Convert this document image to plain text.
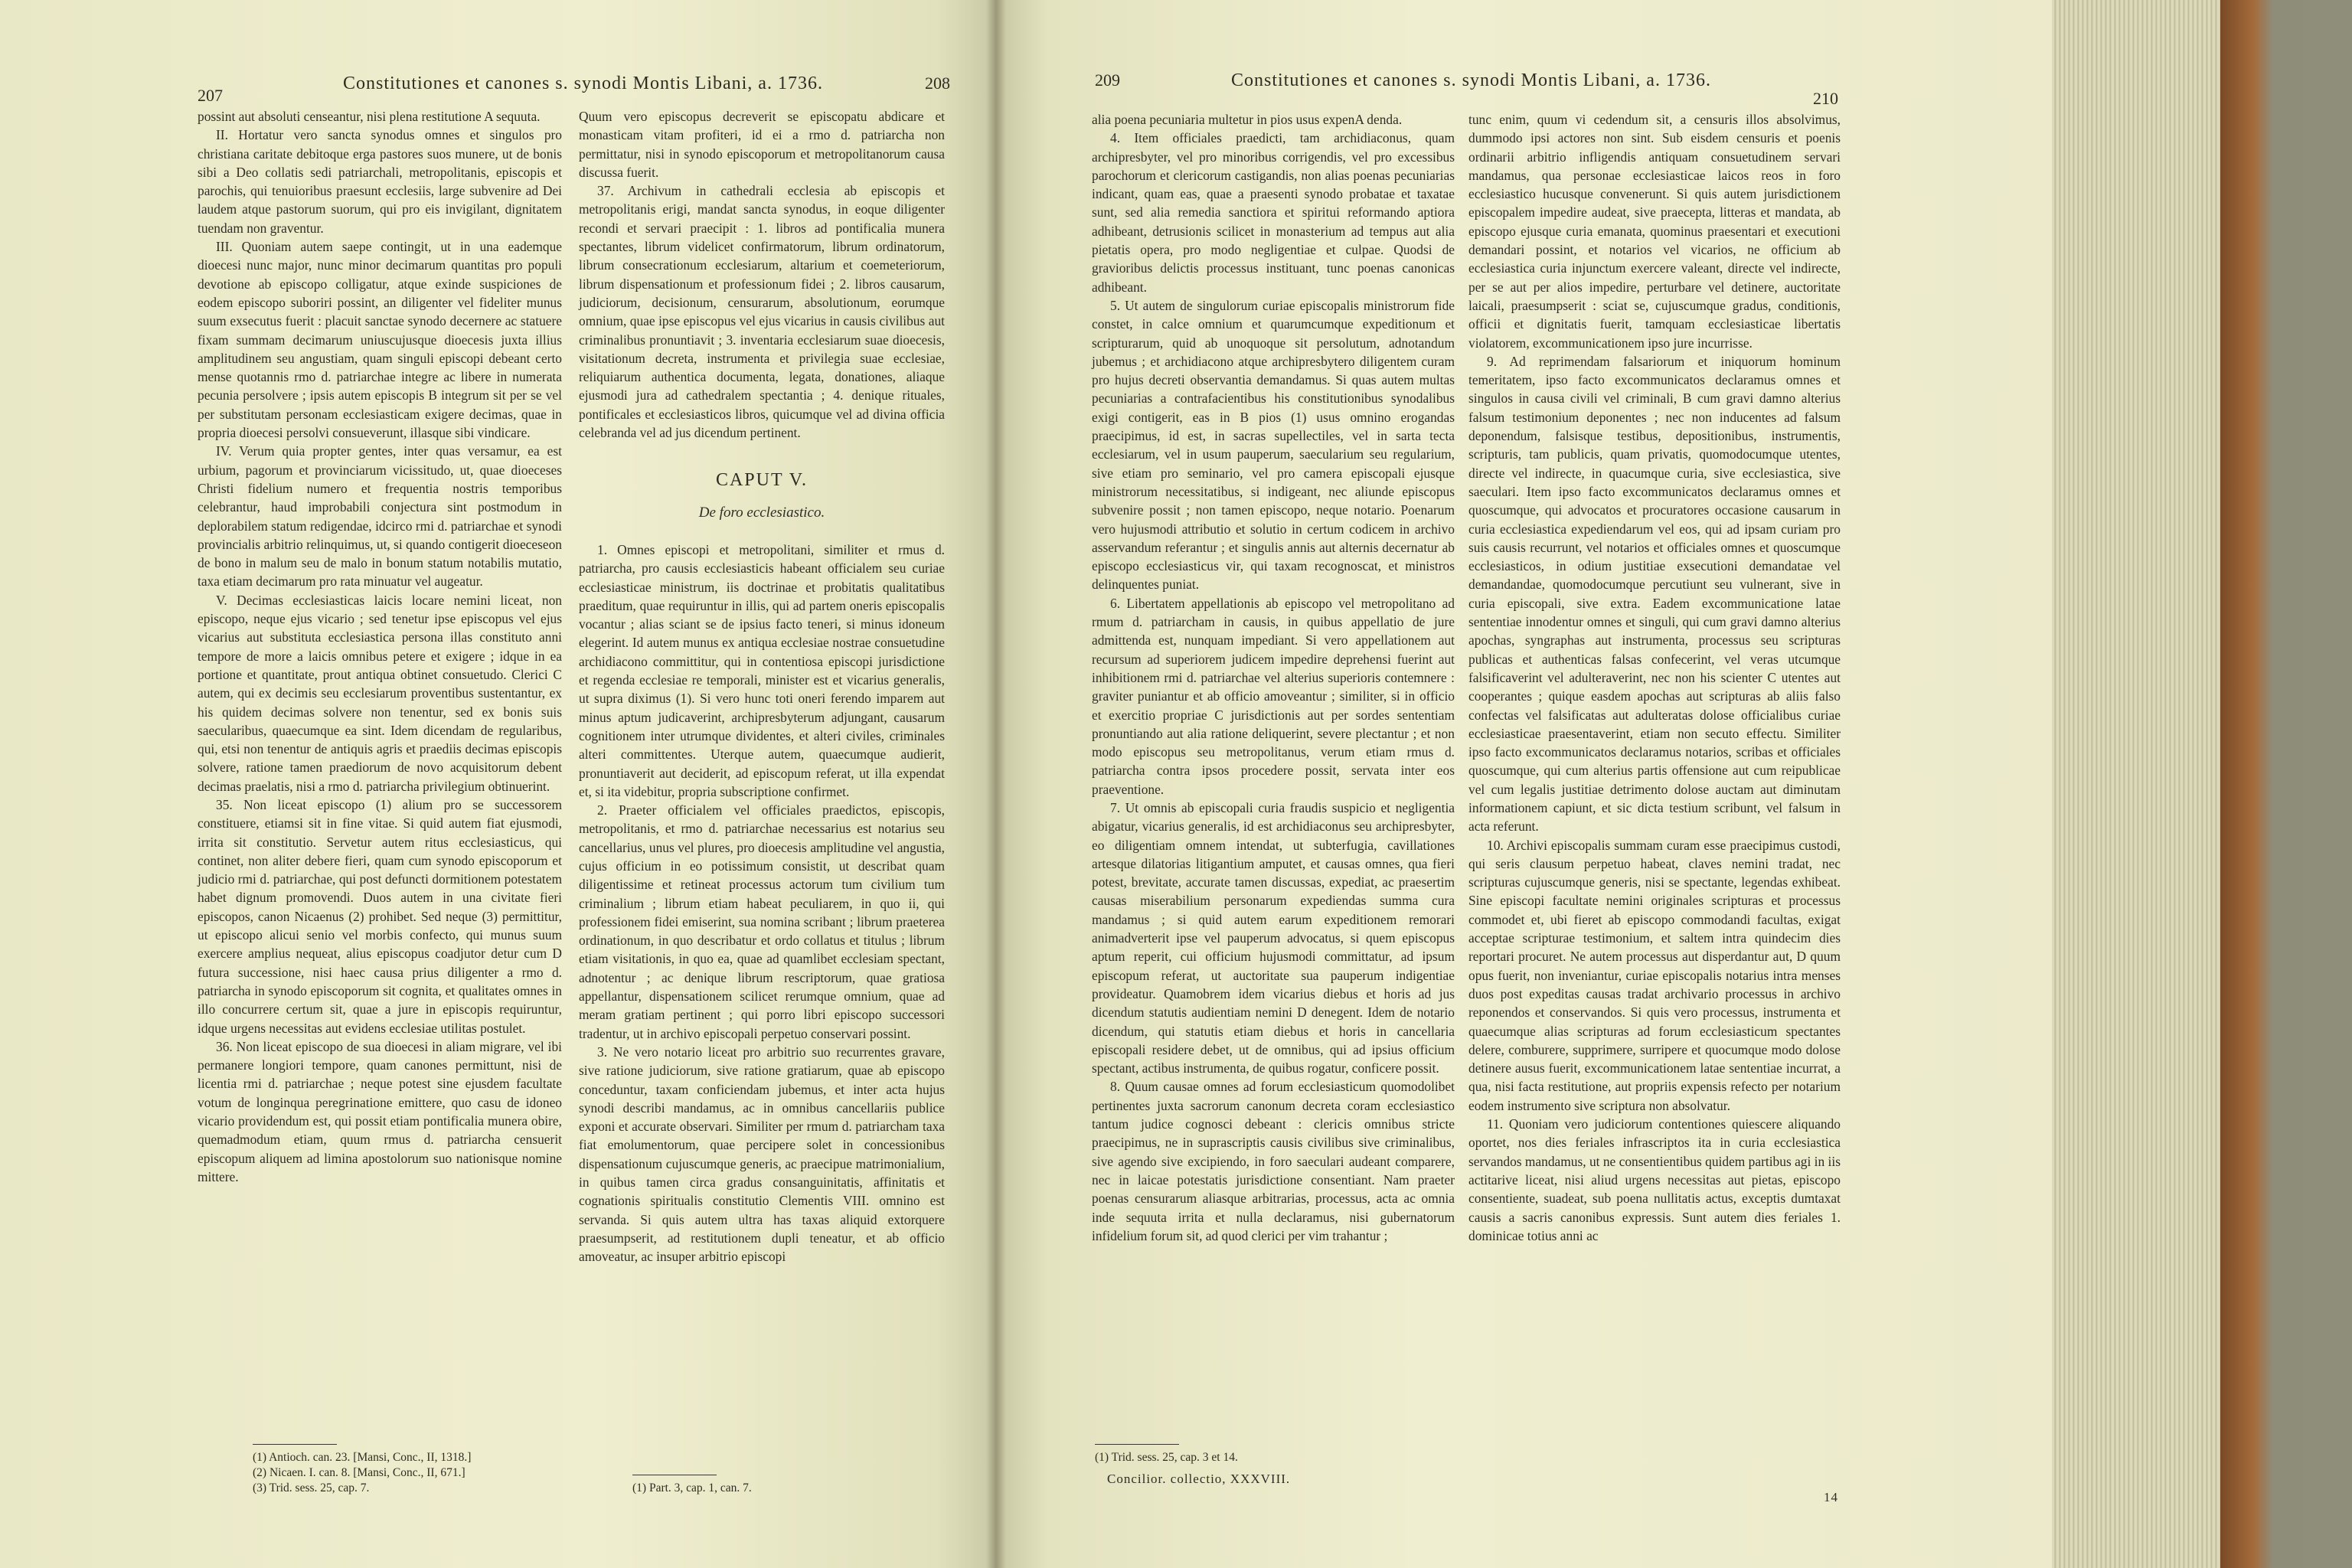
207
Constitutiones et canones s. synodi Montis Libani, a. 1736.	208

possint aut absoluti censeantur, nisi plena restitutione A sequuta.

II. Hortatur vero sancta synodus omnes et singulos pro christiana caritate debitoque erga pastores suos munere, ut de bonis sibi a Deo collatis sedi patriarchali, metropolitanis, episcopis et parochis, qui tenuioribus praesunt ecclesiis, large subvenire ad Dei laudem atque pastorum suorum, qui pro eis invigilant, dignitatem tuendam non graventur.

III. Quoniam autem saepe contingit, ut in una eademque dioecesi nunc major, nunc minor decimarum quantitas pro populi devotione ab episcopo colligatur, atque exinde suspiciones de eodem episcopo suboriri possint, an diligenter vel fideliter munus suum exsecutus fuerit : placuit sanctae synodo decernere ac statuere fixam summam decimarum uniuscujusque dioecesis juxta illius amplitudinem seu angustiam, quam singuli episcopi debeant certo mense quotannis rmo d. patriarchae integre ac libere in numerata pecunia persolvere ; ipsis autem episcopis B integrum sit per se vel per substitutam personam ecclesiasticam exigere decimas, quae in propria dioecesi persolvi consueverunt, illasque sibi vindicare.

IV. Verum quia propter gentes, inter quas versamur, ea est urbium, pagorum et provinciarum vicissitudo, ut, quae dioeceses Christi fidelium numero et frequentia nostris temporibus celebrantur, haud improbabili conjectura sint postmodum in deplorabilem statum redigendae, idcirco rmi d. patriarchae et synodi provincialis arbitrio relinquimus, ut, si quando contigerit dioeceseon de bono in malum seu de malo in bonum statum notabilis mutatio, taxa etiam decimarum pro rata minuatur vel augeatur.

V. Decimas ecclesiasticas laicis locare nemini liceat, non episcopo, neque ejus vicario ; sed tenetur ipse episcopus vel ejus vicarius aut substituta ecclesiastica persona illas constituto anni tempore de more a laicis omnibus petere et exigere ; idque in ea portione et quantitate, prout antiqua obtinet consuetudo. Clerici C autem, qui ex decimis seu ecclesiarum proventibus sustentantur, ex his quidem decimas solvere non tenentur, sed ex bonis suis saecularibus, quaecumque ea sint. Idem dicendam de regularibus, qui, etsi non tenentur de antiquis agris et praediis decimas episcopis solvere, ratione tamen praediorum de novo acquisitorum debent decimas praelatis, nisi a rmo d. patriarcha privilegium obtinuerint.

35. Non liceat episcopo (1) alium pro se successorem constituere, etiamsi sit in fine vitae. Si quid autem fiat ejusmodi, irrita sit constitutio. Servetur autem ritus ecclesiasticus, qui continet, non aliter debere fieri, quam cum synodo episcoporum et judicio rmi d. patriarchae, qui post defuncti dormitionem potestatem habet dignum promovendi. Duos autem in una civitate fieri episcopos, canon Nicaenus (2) prohibet. Sed neque (3) permittitur, ut episcopo alicui senio vel morbis confecto, qui munus suum exercere amplius nequeat, alius episcopus coadjutor detur cum D futura successione, nisi haec causa prius diligenter a rmo d. patriarcha in synodo episcoporum sit cognita, et qualitates omnes in illo concurrere certum sit, quae a jure in episcopis requiruntur, idque urgens necessitas aut evidens ecclesiae utilitas postulet.

36. Non liceat episcopo de sua dioecesi in aliam migrare, vel ibi permanere longiori tempore, quam canones permittunt, nisi de licentia rmi d. patriarchae ; neque potest sine ejusdem facultate votum de longinqua peregrinatione emittere, quo casu de idoneo vicario providendum est, qui possit etiam pontificalia munera obire, quemadmodum etiam, quum rmus d. patriarcha censuerit episcopum aliquem ad limina apostolorum suo nationisque nomine mittere.

Quum vero episcopus decreverit se episcopatu abdicare et monasticam vitam profiteri, id ei a rmo d. patriarcha non permittatur, nisi in synodo episcoporum et metropolitanorum causa discussa fuerit.

37. Archivum in cathedrali ecclesia ab episcopis et metropolitanis erigi, mandat sancta synodus, in eoque diligenter recondi et servari praecipit : 1. libros ad pontificalia munera spectantes, librum videlicet confirmatorum, librum ordinatorum, librum consecrationum ecclesiarum, altarium et coemeteriorum, librum dispensationum et professionum fidei ; 2. libros causarum, judiciorum, decisionum, censurarum, absolutionum, eorumque omnium, quae ipse episcopus vel ejus vicarius in causis civilibus aut criminalibus pronuntiavit ; 3. inventaria ecclesiarum suae dioecesis, visitationum decreta, instrumenta et privilegia suae ecclesiae, reliquiarum authentica documenta, legata, donationes, aliaque ejusmodi jura ad cathedralem spectantia ; 4. denique rituales, pontificales et ecclesiasticos libros, quicumque vel ad divina officia celebranda vel ad jus dicendum pertinent.

CAPUT V.
De foro ecclesiastico.

1. Omnes episcopi et metropolitani, similiter et rmus d. patriarcha, pro causis ecclesiasticis habeant officialem seu curiae ecclesiasticae ministrum, iis doctrinae et probitatis qualitatibus praeditum, quae requiruntur in illis, qui ad partem oneris episcopalis vocantur ; alias sciant se de ipsius facto teneri, si minus idoneum elegerint. Id autem munus ex antiqua ecclesiae nostrae consuetudine archidiacono committitur, qui in contentiosa episcopi jurisdictione et regenda ecclesiae re temporali, minister est et vicarius generalis, ut supra diximus (1). Si vero hunc toti oneri ferendo imparem aut minus aptum judicaverint, archipresbyterum adjungant, causarum cognitionem inter utrumque dividentes, et alteri civiles, criminales alteri committentes. Uterque autem, quaecumque audierit, pronuntiaverit aut deciderit, ad episcopum referat, ut illa expendat et, si ita videbitur, propria subscriptione confirmet.

2. Praeter officialem vel officiales praedictos, episcopis, metropolitanis, et rmo d. patriarchae necessarius est notarius seu cancellarius, unus vel plures, pro dioecesis amplitudine vel angustia, cujus officium in eo potissimum consistit, ut describat quam diligentissime et retineat processus actorum tum civilium tum criminalium ; librum etiam habeat peculiarem, in quo ii, qui professionem fidei emiserint, sua nomina scribant ; librum praeterea ordinationum, in quo describatur et ordo collatus et titulus ; librum etiam visitationis, in quo ea, quae ad quamlibet ecclesiam spectant, adnotentur ; ac denique librum rescriptorum, quae gratiosa appellantur, dispensationem scilicet rerumque omnium, quae ad meram gratiam pertinent ; qui porro libri episcopo successori tradentur, ut in archivo episcopali perpetuo conservari possint.

3. Ne vero notario liceat pro arbitrio suo recurrentes gravare, sive ratione judiciorum, sive ratione gratiarum, quae ab episcopo conceduntur, taxam conficiendam jubemus, et inter acta hujus synodi describi mandamus, ac in omnibus cancellariis publice exponi et accurate observari. Similiter per rmum d. patriarcham taxa fiat emolumentorum, quae percipere solet in concessionibus dispensationum cujuscumque generis, ac praecipue matrimonialium, in quibus tamen circa gradus consanguinitatis, affinitatis et cognationis spiritualis constitutio Clementis VIII. omnino est servanda. Si quis autem ultra has taxas aliquid extorquere praesumpserit, ad restitutionem dupli teneatur, et ab officio amoveatur, ac insuper arbitrio episcopi

(1) Antioch. can. 23. [Mansi, Conc., II, 1318.]
(2) Nicaen. I. can. 8. [Mansi, Conc., II, 671.]
(3) Trid. sess. 25, cap. 7.	(1) Part. 3, cap. 1, can. 7.
209	Constitutiones et canones s. synodi Montis Libani, a. 1736.
210

alia poena pecuniaria multetur in pios usus expenA denda.

4. Item officiales praedicti, tam archidiaconus, quam archipresbyter, vel pro minoribus corrigendis, vel pro excessibus parochorum et clericorum castigandis, non alias poenas pecuniarias indicant, quam eas, quae a praesenti synodo probatae et taxatae sunt, sed alia remedia sanctiora et spiritui reformando aptiora adhibeant, detrusionis scilicet in monasterium ad tempus aut alia pietatis opera, pro modo negligentiae et culpae. Quodsi de gravioribus delictis processus instituant, tunc poenas canonicas adhibeant.

5. Ut autem de singulorum curiae episcopalis ministrorum fide constet, in calce omnium et quarumcumque expeditionum et scripturarum, quid ab unoquoque sit persolutum, adnotandum jubemus ; et archidiacono atque archipresbytero diligentem curam pro hujus decreti observantia demandamus. Si quas autem multas pecuniarias a contrafacientibus his constitutionibus synodalibus exigi contigerit, eas in B pios (1) usus omnino erogandas praecipimus, id est, in sacras supellectiles, vel in sarta tecta ecclesiarum, vel in usum pauperum, saecularium seu regularium, sive etiam pro seminario, vel pro camera episcopali ejusque ministrorum necessitatibus, si indigeant, nec aliunde episcopus subvenire possit ; non tamen episcopo, neque notario. Poenarum vero hujusmodi attributio et solutio in certum codicem in archivo asservandum referantur ; et singulis annis aut alternis decernatur ab episcopo ecclesiasticus vir, qui taxam recognoscat, et ministros delinquentes puniat.

6. Libertatem appellationis ab episcopo vel metropolitano ad rmum d. patriarcham in causis, in quibus appellatio de jure admittenda est, nunquam impediant. Si vero appellationem aut recursum ad superiorem judicem impedire deprehensi fuerint aut inhibitionem rmi d. patriarchae vel alterius superioris contemnere : graviter puniantur et ab officio amoveantur ; similiter, si in officio et exercitio propriae C jurisdictionis aut per sordes sententiam pronuntiando aut alia ratione deliquerint, severe plectantur ; et non modo episcopus seu metropolitanus, verum etiam rmus d. patriarcha contra ipsos procedere possit, servata inter eos praeventione.

7. Ut omnis ab episcopali curia fraudis suspicio et negligentia abigatur, vicarius generalis, id est archidiaconus seu archipresbyter, eo diligentiam omnem intendat, ut subterfugia, cavillationes artesque dilatorias litigantium amputet, et causas omnes, qua fieri potest, brevitate, accurate tamen discussas, expediat, ac praesertim causas miserabilium personarum expediendas summa cura mandamus ; si quid autem earum expeditionem remorari animadverterit ipse vel pauperum advocatus, si quem episcopus aptum reperit, cui officium hujusmodi committatur, ad ipsum episcopum referat, ut auctoritate sua pauperum indigentiae provideatur. Quamobrem idem vicarius diebus et horis ad jus dicendum statutis audientiam nemini D denegent. Idem de notario dicendum, qui statutis etiam diebus et horis in cancellaria episcopali residere debet, ut de omnibus, qui ad ipsius officium spectant, actibus instrumenta, de quibus rogatur, conficere possit.

8. Quum causae omnes ad forum ecclesiasticum quomodolibet pertinentes juxta sacrorum canonum decreta coram ecclesiastico tantum judice cognosci debeant : clericis omnibus stricte praecipimus, ne in suprascriptis causis civilibus sive criminalibus, sive agendo sive excipiendo, in foro saeculari audeant comparere, nec in laicae potestatis jurisdictione consentiant. Nam praeter poenas censurarum aliasque arbitrarias, processus, acta ac omnia inde sequuta irrita et nulla declaramus, nisi gubernatorum infidelium forum sit, ad quod clerici per vim trahantur ;

tunc enim, quum vi cedendum sit, a censuris illos absolvimus, dummodo ipsi actores non sint. Sub eisdem censuris et poenis ordinarii arbitrio infligendis antiquam consuetudinem servari mandamus, qua personae ecclesiasticae laicos reos in foro ecclesiastico hucusque convenerunt. Si quis autem jurisdictionem episcopalem impedire audeat, sive praecepta, litteras et mandata, ab episcopo ejusque curia emanata, quominus praesentari et executioni demandari possint, et notarios vel vicarios, ne officium ab ecclesiastica curia injunctum exercere valeant, directe vel indirecte, per se aut per alios impedire, perturbare vel detinere, auctoritate laicali, praesumpserit : sciat se, cujuscumque gradus, conditionis, officii et dignitatis fuerit, tamquam ecclesiasticae libertatis violatorem, excommunicationem ipso jure incurrisse.

9. Ad reprimendam falsariorum et iniquorum hominum temeritatem, ipso facto excommunicatos declaramus omnes et singulos in causa civili vel criminali, B cum gravi damno alterius falsum testimonium deponentes ; nec non inducentes ad falsum deponendum, falsisque testibus, depositionibus, instrumentis, scripturis, tam publicis, quam privatis, quomodocumque utentes, directe vel indirecte, in quacumque curia, sive ecclesiastica, sive saeculari. Item ipso facto excommunicatos declaramus omnes et quoscumque, qui advocatos et procuratores occasione causarum in curia ecclesiastica expediendarum vel eos, qui ad ipsam curiam pro suis causis recurrunt, vel notarios et officiales omnes et quoscumque ecclesiasticos, in odium justitiae exsecutioni demandatae vel demandandae, quomodocumque percutiunt seu vulnerant, sive in curia episcopali, sive extra. Eadem excommunicatione latae sententiae innodentur omnes et singuli, qui cum gravi damno alterius apochas, syngraphas aut instrumenta, processus seu scripturas publicas et authenticas falsas confecerint, vel veras utcumque falsificaverint vel adulteraverint, nec non his scienter C utentes aut cooperantes ; quique easdem apochas aut scripturas ab aliis falso confectas vel falsificatas aut adulteratas dolose officialibus curiae ecclesiasticae praesentaverint, etiam non secuto effectu. Similiter ipso facto excommunicatos declaramus notarios, scribas et officiales quoscumque, qui cum alterius partis offensione aut cum reipublicae vel cum legalis justitiae detrimento dolose auctam aut diminutam informationem capiunt, et sic dicta testium scribunt, vel falsum in acta referunt.

10. Archivi episcopalis summam curam esse praecipimus custodi, qui seris clausum perpetuo habeat, claves nemini tradat, nec scripturas cujuscumque generis, nisi se spectante, legendas exhibeat. Sine episcopi facultate nemini originales scripturas et processus commodet et, ubi fieret ab episcopo commodandi facultas, exigat acceptae scripturae testimonium, et saltem intra quindecim dies reportari procuret. Ne autem processus aut disperdantur aut, D quum opus fuerit, non inveniantur, curiae episcopalis notarius intra menses duos post expeditas causas tradat archivario processus in archivo reponendos et conservandos. Si quis vero processus, instrumenta et quaecumque alias scripturas ad forum ecclesiasticum spectantes delere, comburere, supprimere, surripere et quocumque modo dolose detinere ausus fuerit, excommunicationem latae sententiae incurrat, a qua, nisi facta restitutione, aut propriis expensis refecto per notarium eodem instrumento sive scriptura non absolvatur.

11. Quoniam vero judiciorum contentiones quiescere aliquando oportet, nos dies feriales infrascriptos ita in curia ecclesiastica servandos mandamus, ut ne consentientibus quidem partibus agi in iis actitarive liceat, nisi aliud urgens necessitas aut pietas, episcopo consentiente, suadeat, sub poena nullitatis actus, exceptis dumtaxat causis a sacris canonibus expressis. Sunt autem dies feriales 1. dominicae totius anni ac

(1) Trid. sess. 25, cap. 3 et 14.
Concilior. collectio, XXXVIII.
14
